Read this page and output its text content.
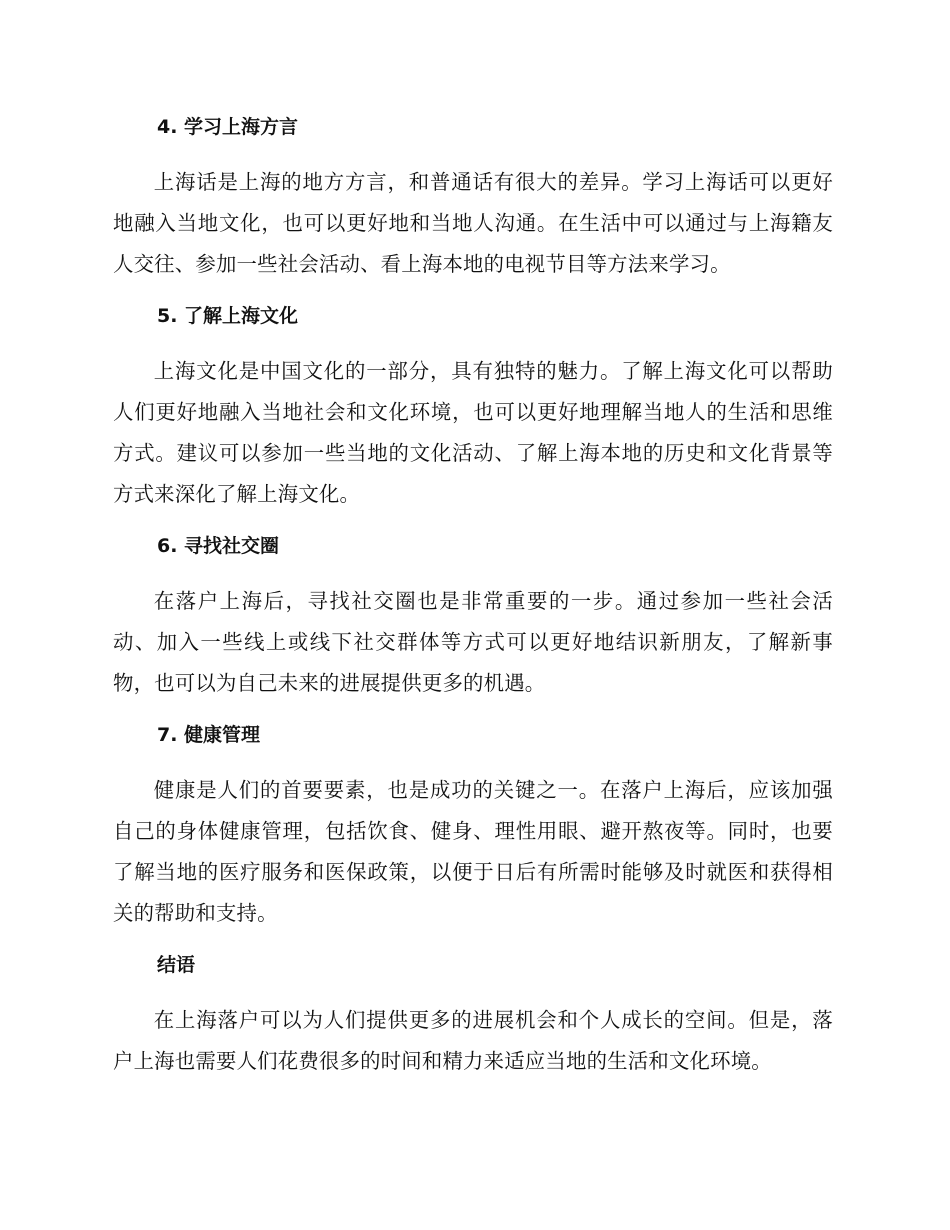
4. 学习上海方言

上海话是上海的地方方言，和普通话有很大的差异。学习上海话可以更好地融入当地文化，也可以更好地和当地人沟通。在生活中可以通过与上海籍友人交往、参加一些社会活动、看上海本地的电视节目等方法来学习。

5. 了解上海文化

上海文化是中国文化的一部分，具有独特的魅力。了解上海文化可以帮助人们更好地融入当地社会和文化环境，也可以更好地理解当地人的生活和思维方式。建议可以参加一些当地的文化活动、了解上海本地的历史和文化背景等方式来深化了解上海文化。

6. 寻找社交圈

在落户上海后，寻找社交圈也是非常重要的一步。通过参加一些社会活动、加入一些线上或线下社交群体等方式可以更好地结识新朋友，了解新事物，也可以为自己未来的进展提供更多的机遇。

7. 健康管理

健康是人们的首要要素，也是成功的关键之一。在落户上海后，应该加强自己的身体健康管理，包括饮食、健身、理性用眼、避开熬夜等。同时，也要了解当地的医疗服务和医保政策，以便于日后有所需时能够及时就医和获得相关的帮助和支持。

结语

在上海落户可以为人们提供更多的进展机会和个人成长的空间。但是，落户上海也需要人们花费很多的时间和精力来适应当地的生活和文化环境。
